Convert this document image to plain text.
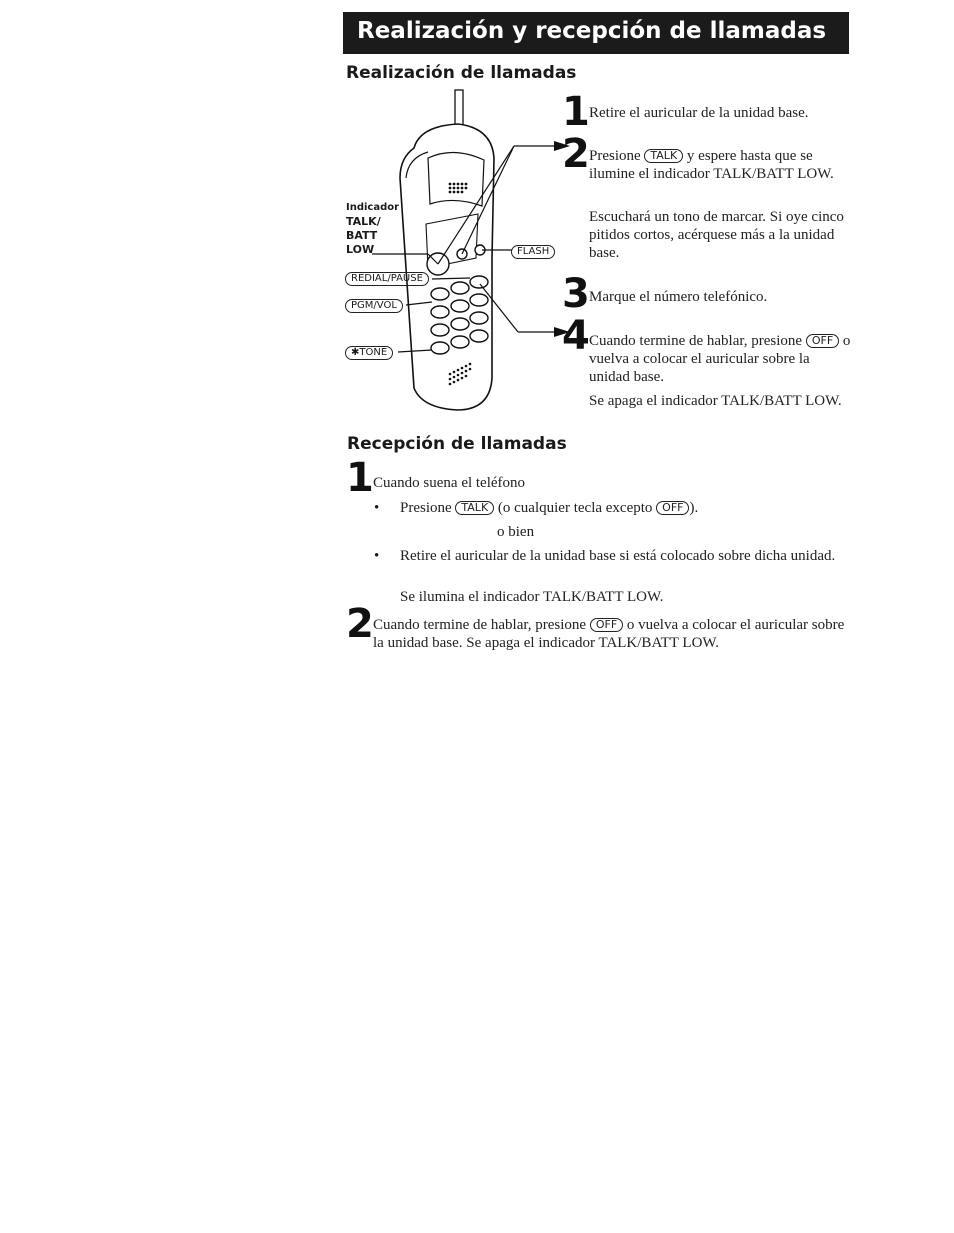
Realización y recepción de llamadas
Realización de llamadas
Indicador
TALK/
BATT
LOW	FLASH
REDIAL/PAUSE
PGM/VOL
✱TONE
1 Retire el auricular de la unidad base.
2 Presione TALK y espere hasta que se ilumine el indicador TALK/BATT LOW.
Escuchará un tono de marcar. Si oye cinco pitidos cortos, acérquese más a la unidad base.
3 Marque el número telefónico.
4 Cuando termine de hablar, presione OFF o vuelva a colocar el auricular sobre la unidad base.
Se apaga el indicador TALK/BATT LOW.
Recepción de llamadas
1 Cuando suena el teléfono
• Presione TALK (o cualquier tecla excepto OFF ).
o bien
• Retire el auricular de la unidad base si está colocado sobre dicha unidad.
Se ilumina el indicador TALK/BATT LOW.
2 Cuando termine de hablar, presione OFF o vuelva a colocar el auricular sobre la unidad base. Se apaga el indicador TALK/BATT LOW.
